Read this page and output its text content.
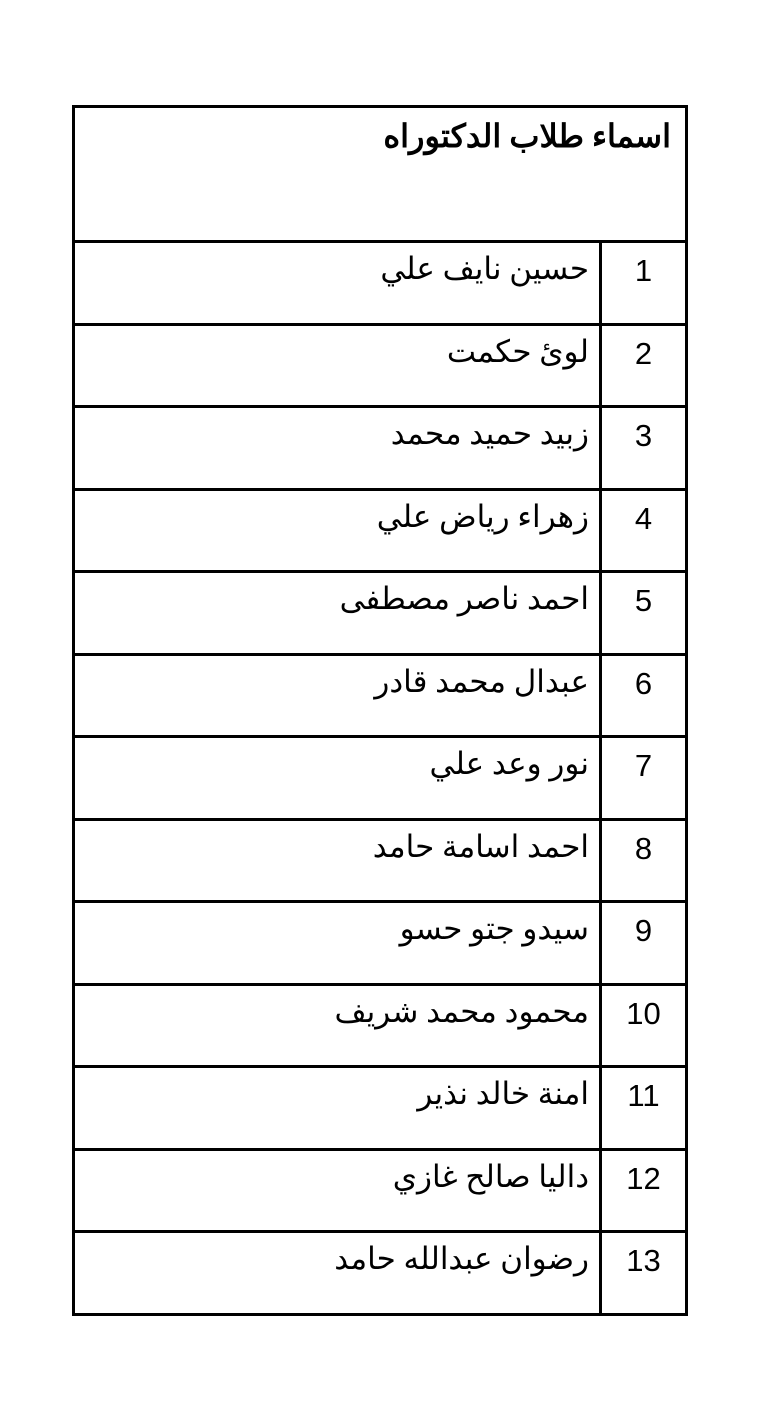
اسماء طلاب الدكتوراه
حسين نايف علي	1
لوئ حكمت	2
زبيد حميد محمد	3
زهراء رياض علي	4
احمد ناصر مصطفى	5
عبدال محمد قادر	6
نور وعد علي	7
احمد اسامة حامد	8
سيدو جتو حسو	9
محمود محمد شريف	10
امنة خالد نذير	11
داليا صالح غازي	12
رضوان عبدالله حامد	13
